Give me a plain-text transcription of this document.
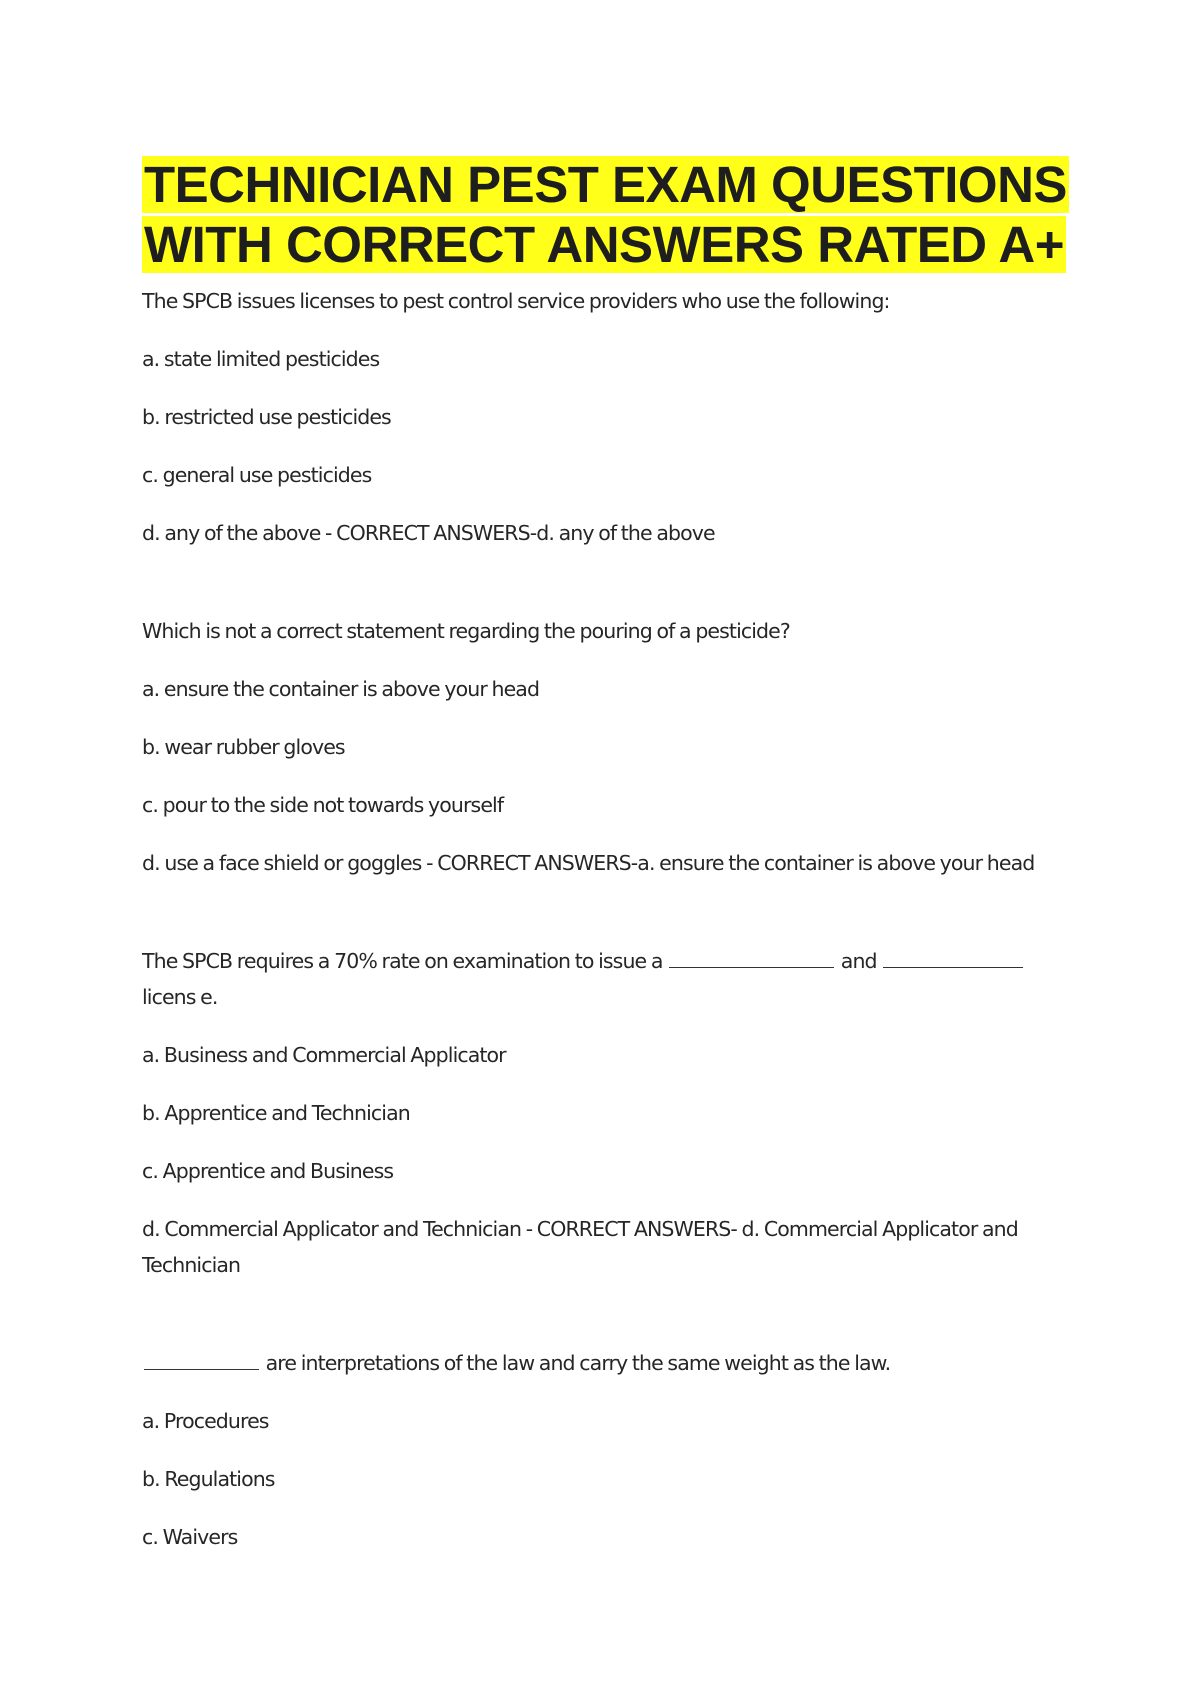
TECHNICIAN PEST EXAM QUESTIONS
WITH CORRECT ANSWERS RATED A+

The SPCB issues licenses to pest control service providers who use the following:

a. state limited pesticides

b. restricted use pesticides

c. general use pesticides

d. any of the above - CORRECT ANSWERS-d. any of the above

Which is not a correct statement regarding the pouring of a pesticide?

a. ensure the container is above your head

b. wear rubber gloves

c. pour to the side not towards yourself

d. use a face shield or goggles - CORRECT ANSWERS-a. ensure the container is above your head

The SPCB requires a 70% rate on examination to issue a	and  licens e.

a. Business and Commercial Applicator

b. Apprentice and Technician

c. Apprentice and Business

d. Commercial Applicator and Technician - CORRECT ANSWERS- d. Commercial Applicator and Technician

are interpretations of the law and carry the same weight as the law.

a. Procedures

b. Regulations

c. Waivers
